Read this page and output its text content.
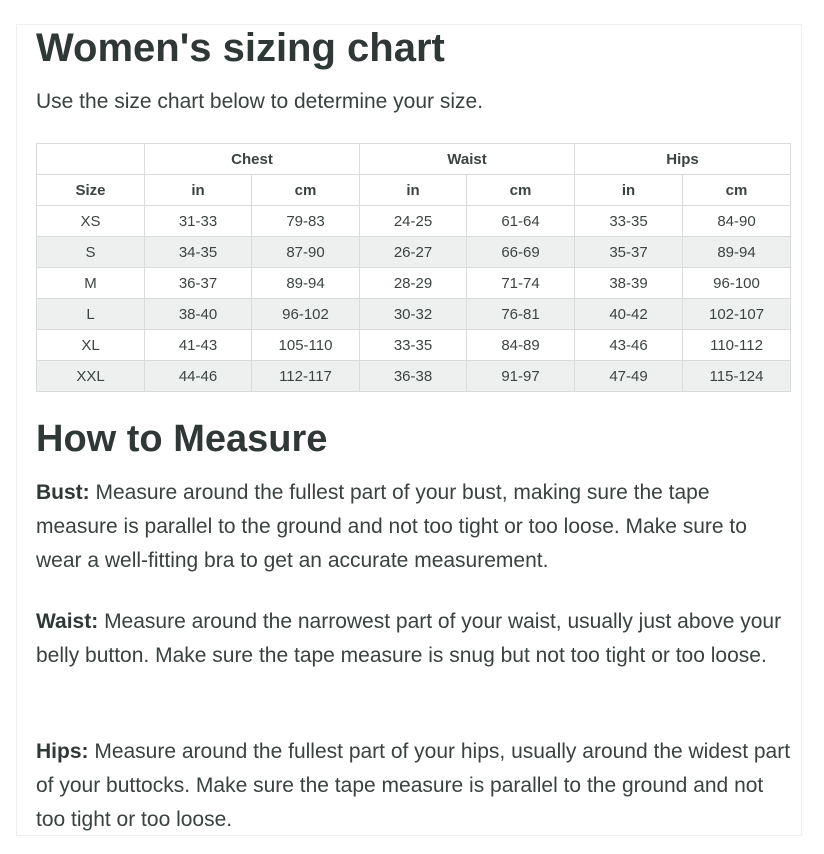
Women's sizing chart

Use the size chart below to determine your size.

	Chest		Waist		Hips	
Size	in	cm	in	cm	in	cm
XS	31-33	79-83	24-25	61-64	33-35	84-90
S	34-35	87-90	26-27	66-69	35-37	89-94
M	36-37	89-94	28-29	71-74	38-39	96-100
L	38-40	96-102	30-32	76-81	40-42	102-107
XL	41-43	105-110	33-35	84-89	43-46	110-112
XXL	44-46	112-117	36-38	91-97	47-49	115-124
How to Measure

Bust: Measure around the fullest part of your bust, making sure the tape measure is parallel to the ground and not too tight or too loose. Make sure to wear a well-fitting bra to get an accurate measurement.

Waist: Measure around the narrowest part of your waist, usually just above your belly button. Make sure the tape measure is snug but not too tight or too loose.

Hips: Measure around the fullest part of your hips, usually around the widest part of your buttocks. Make sure the tape measure is parallel to the ground and not too tight or too loose.
